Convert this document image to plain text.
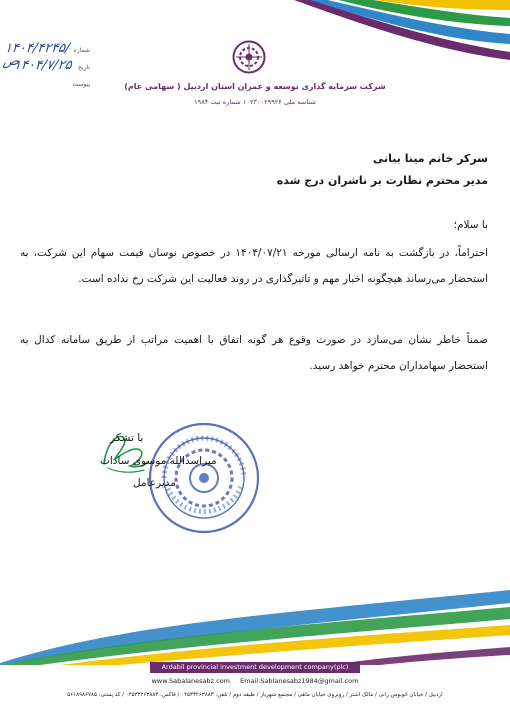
شرکت سرمایه گذاری توسعه و عمران استان اردبیل ( سهامی عام)
شناسه ملی ۱۰۲۳۰۰۲۹۹۲۶ شماره ثبت ۱۹۸۴
شماره
۱۴۰۴/۴۲۴۵/ص	تاریخ
۱۴۰۴/۷/۲۵
پیوست
سرکر خانم مینا بیانی
مدیر محترم نظارت بر ناشران درج شده
با سلام؛
احتراماً، در بازگشت به نامه ارسالی مورخه ۱۴۰۴/۰۷/۲۱ در خصوص نوسان قیمت سهام این شرکت، به استحضار می‌رساند هیچگونه اخبار مهم و تاثیرگذاری در روند فعالیت این شرکت رخ نداده است.
ضمناً خاطر نشان می‌سازد در صورت وقوع هر گونه اتفاق با اهمیت مراتب از طریق سامانه کدال به استحضار سهامداران محترم خواهد رسید.
با تشکر
میراسدالله موسوی سادات
مدیرعامل
Ardabil provincial investment development company(plc)
www.Sabalanesabz.com Email:Sablanesabz1984@gmail.com
اردبیل / خیابان اتوبوس رانی / مالک اشتر / روبروی خیابان ماهی / مجتمع شهریار / طبقه دوم / تلفن: ۰۴۵۳۳۲۶۳۸۸۳ / فاکس: ۰۴۵۳۳۲۶۳۸۸۳ / کد پستی: ۵۶۱۸۹۸۶۷۸۵
